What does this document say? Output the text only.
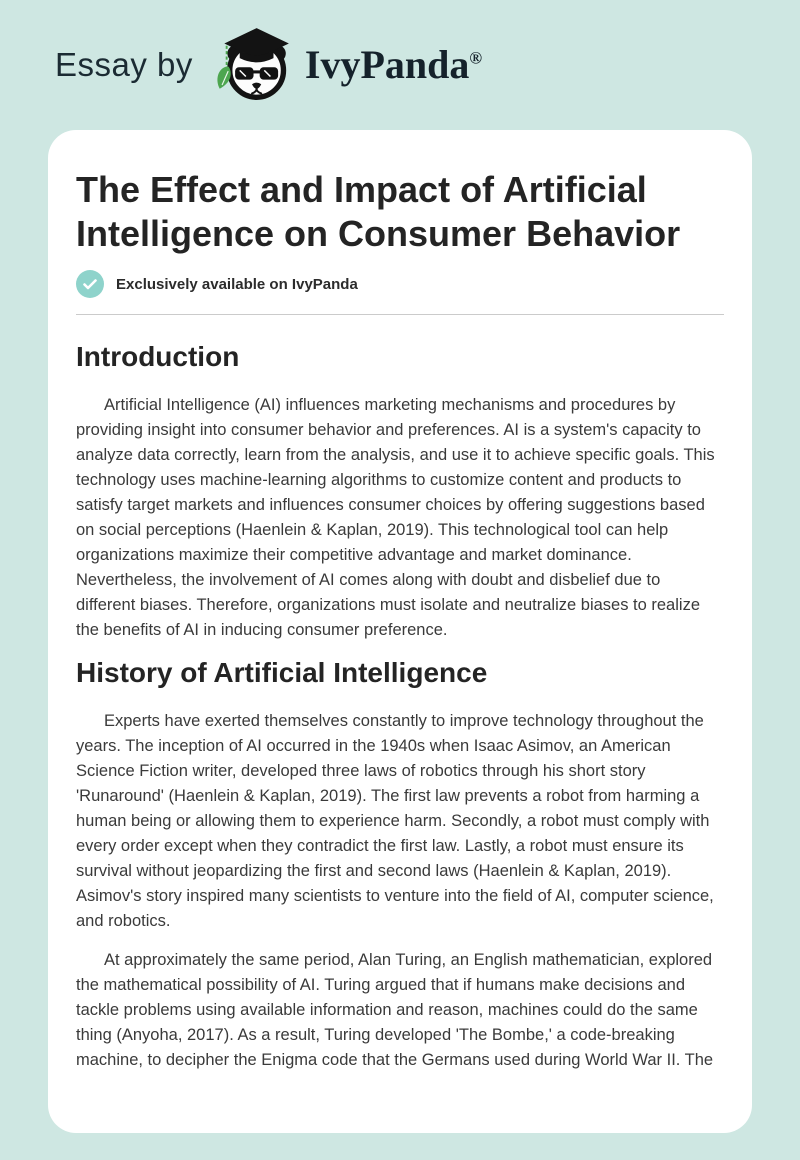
Essay by	IvyPanda®
The Effect and Impact of Artificial Intelligence on Consumer Behavior
Exclusively available on IvyPanda
Introduction

Artificial Intelligence (AI) influences marketing mechanisms and procedures by providing insight into consumer behavior and preferences. AI is a system's capacity to analyze data correctly, learn from the analysis, and use it to achieve specific goals. This technology uses machine-learning algorithms to customize content and products to satisfy target markets and influences consumer choices by offering suggestions based on social perceptions (Haenlein & Kaplan, 2019). This technological tool can help organizations maximize their competitive advantage and market dominance. Nevertheless, the involvement of AI comes along with doubt and disbelief due to different biases. Therefore, organizations must isolate and neutralize biases to realize the benefits of AI in inducing consumer preference.

History of Artificial Intelligence

Experts have exerted themselves constantly to improve technology throughout the years. The inception of AI occurred in the 1940s when Isaac Asimov, an American Science Fiction writer, developed three laws of robotics through his short story 'Runaround' (Haenlein & Kaplan, 2019). The first law prevents a robot from harming a human being or allowing them to experience harm. Secondly, a robot must comply with every order except when they contradict the first law. Lastly, a robot must ensure its survival without jeopardizing the first and second laws (Haenlein & Kaplan, 2019). Asimov's story inspired many scientists to venture into the field of AI, computer science, and robotics.

At approximately the same period, Alan Turing, an English mathematician, explored the mathematical possibility of AI. Turing argued that if humans make decisions and tackle problems using available information and reason, machines could do the same thing (Anyoha, 2017). As a result, Turing developed 'The Bombe,' a code-breaking machine, to decipher the Enigma code that the Germans used during World War II. The
